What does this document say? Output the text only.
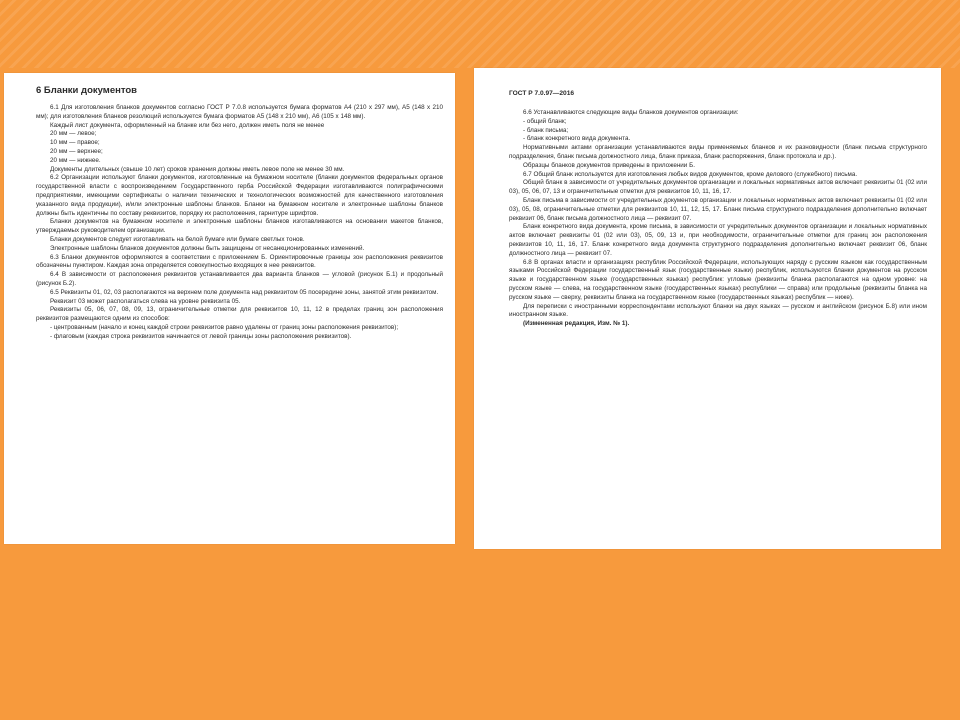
6 Бланки документов

6.1 Для изготовления бланков документов согласно ГОСТ Р 7.0.8 используется бумага форматов А4 (210 х 297 мм), А5 (148 х 210 мм); для изготовления бланков резолюций используется бумага форматов А5 (148 х 210 мм), А6 (105 х 148 мм).

Каждый лист документа, оформленный на бланке или без него, должен иметь поля не менее

20 мм — левое;

10 мм — правое;

20 мм — верхнее;

20 мм — нижнее.

Документы длительных (свыше 10 лет) сроков хранения должны иметь левое поле не менее 30 мм.

6.2 Организации используют бланки документов, изготовленные на бумажном носителе (бланки документов федеральных органов государственной власти с воспроизведением Государственного герба Российской Федерации изготавливаются полиграфическими предприятиями, имеющими сертификаты о наличии технических и технологических возможностей для качественного изготовления указанного вида продукции), и/или электронные шаблоны бланков. Бланки на бумажном носителе и электронные шаблоны бланков должны быть идентичны по составу реквизитов, порядку их расположения, гарнитуре шрифтов.

Бланки документов на бумажном носителе и электронные шаблоны бланков изготавливаются на основании макетов бланков, утверждаемых руководителем организации.

Бланки документов следует изготавливать на белой бумаге или бумаге светлых тонов.

Электронные шаблоны бланков документов должны быть защищены от несанкционированных изменений.

6.3 Бланки документов оформляются в соответствии с приложением Б. Ориентировочные границы зон расположения реквизитов обозначены пунктиром. Каждая зона определяется совокупностью входящих в нее реквизитов.

6.4 В зависимости от расположения реквизитов устанавливается два варианта бланков — угловой (рисунок Б.1) и продольный (рисунок Б.2).

6.5 Реквизиты 01, 02, 03 располагаются на верхнем поле документа над реквизитом 05 посередине зоны, занятой этим реквизитом.

Реквизит 03 может располагаться слева на уровне реквизита 05.

Реквизиты 05, 06, 07, 08, 09, 13, ограничительные отметки для реквизитов 10, 11, 12 в пределах границ зон расположения реквизитов размещаются одним из способов:

- центрованным (начало и конец каждой строки реквизитов равно удалены от границ зоны расположения реквизитов);

- флаговым (каждая строка реквизитов начинается от левой границы зоны расположения реквизитов).

ГОСТ Р 7.0.97—2016

6.6 Устанавливаются следующие виды бланков документов организации:

- общий бланк;

- бланк письма;

- бланк конкретного вида документа.

Нормативными актами организации устанавливаются виды применяемых бланков и их разновидности (бланк письма структурного подразделения, бланк письма должностного лица, бланк приказа, бланк распоряжения, бланк протокола и др.).

Образцы бланков документов приведены в приложении Б.

6.7 Общий бланк используется для изготовления любых видов документов, кроме делового (служебного) письма.

Общий бланк в зависимости от учредительных документов организации и локальных нормативных актов включает реквизиты 01 (02 или 03), 05, 06, 07, 13 и ограничительные отметки для реквизитов 10, 11, 16, 17.

Бланк письма в зависимости от учредительных документов организации и локальных нормативных актов включает реквизиты 01 (02 или 03), 05, 08, ограничительные отметки для реквизитов 10, 11, 12, 15, 17. Бланк письма структурного подразделения дополнительно включает реквизит 06, бланк письма должностного лица — реквизит 07.

Бланк конкретного вида документа, кроме письма, в зависимости от учредительных документов организации и локальных нормативных актов включает реквизиты 01 (02 или 03), 05, 09, 13 и, при необходимости, ограничительные отметки для границ зон расположения реквизитов 10, 11, 16, 17. Бланк конкретного вида документа структурного подразделения дополнительно включает реквизит 06, бланк должностного лица — реквизит 07.

6.8 В органах власти и организациях республик Российской Федерации, использующих наряду с русским языком как государственным языками Российской Федерации государственный язык (государственные языки) республик, используются бланки документов на русском языке и государственном языке (государственных языках) республик: угловые (реквизиты бланка располагаются на одном уровне: на русском языке — слева, на государственном языке (государственных языках) республики — справа) или продольные (реквизиты бланка на русском языке — сверху, реквизиты бланка на государственном языке (государственных языках) республик — ниже).

Для переписки с иностранными корреспондентами используют бланки на двух языках — русском и английском (рисунок Б.8) или ином иностранном языке.

(Измененная редакция, Изм. № 1).
